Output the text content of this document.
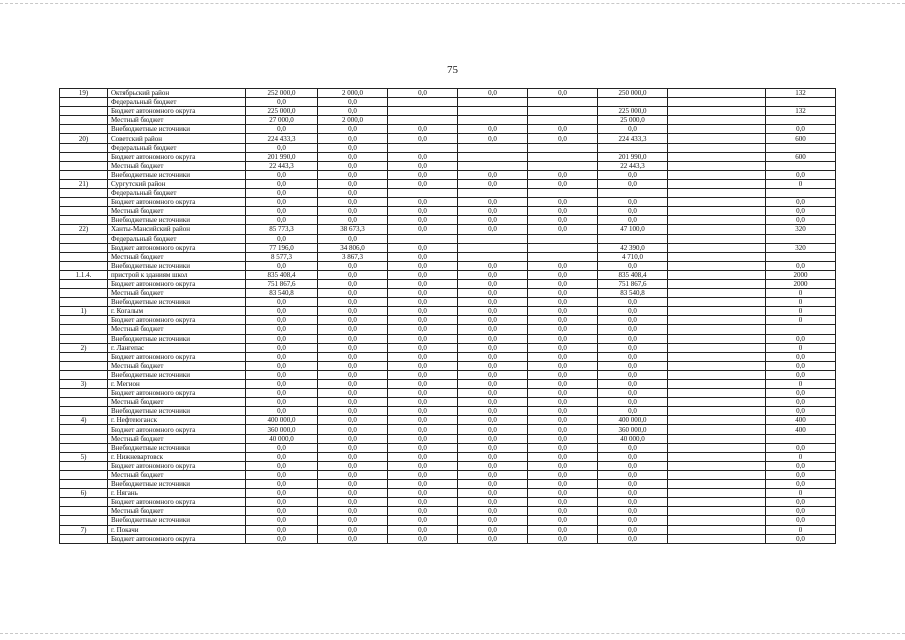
75
19)	Октябрьский район	252 000,0	2 000,0	0,0	0,0	0,0	250 000,0		132
	Федеральный бюджет	0,0	0,0						
	Бюджет автономного округа	225 000,0	0,0				225 000,0		132
	Местный бюджет	27 000,0	2 000,0				25 000,0		
	Внебюджетные источники	0,0	0,0	0,0	0,0	0,0	0,0		0,0
20)	Советский район	224 433,3	0,0	0,0	0,0	0,0	224 433,3		600
	Федеральный бюджет	0,0	0,0						
	Бюджет автономного округа	201 990,0	0,0	0,0			201 990,0		600
	Местный бюджет	22 443,3	0,0	0,0			22 443,3		
	Внебюджетные источники	0,0	0,0	0,0	0,0	0,0	0,0		0,0
21)	Сургутский район	0,0	0,0	0,0	0,0	0,0	0,0		0
	Федеральный бюджет	0,0	0,0						
	Бюджет автономного округа	0,0	0,0	0,0	0,0	0,0	0,0		0,0
	Местный бюджет	0,0	0,0	0,0	0,0	0,0	0,0		0,0
	Внебюджетные источники	0,0	0,0	0,0	0,0	0,0	0,0		0,0
22)	Ханты-Мансийский район	85 773,3	38 673,3	0,0	0,0	0,0	47 100,0		320
	Федеральный бюджет	0,0	0,0						
	Бюджет автономного округа	77 196,0	34 806,0	0,0			42 390,0		320
	Местный бюджет	8 577,3	3 867,3	0,0			4 710,0		
	Внебюджетные источники	0,0	0,0	0,0	0,0	0,0	0,0		0,0
1.1.4.	пристрой к зданиям школ	835 408,4	0,0	0,0	0,0	0,0	835 408,4		2000
	Бюджет автономного округа	751 867,6	0,0	0,0	0,0	0,0	751 867,6		2000
	Местный бюджет	83 540,8	0,0	0,0	0,0	0,0	83 540,8		0
	Внебюджетные источники	0,0	0,0	0,0	0,0	0,0	0,0		0
1)	г. Когалым	0,0	0,0	0,0	0,0	0,0	0,0		0
	Бюджет автономного округа	0,0	0,0	0,0	0,0	0,0	0,0		0
	Местный бюджет	0,0	0,0	0,0	0,0	0,0	0,0		
	Внебюджетные источники	0,0	0,0	0,0	0,0	0,0	0,0		0,0
2)	г. Лангепас	0,0	0,0	0,0	0,0	0,0	0,0		0
	Бюджет автономного округа	0,0	0,0	0,0	0,0	0,0	0,0		0,0
	Местный бюджет	0,0	0,0	0,0	0,0	0,0	0,0		0,0
	Внебюджетные источники	0,0	0,0	0,0	0,0	0,0	0,0		0,0
3)	г. Мегион	0,0	0,0	0,0	0,0	0,0	0,0		0
	Бюджет автономного округа	0,0	0,0	0,0	0,0	0,0	0,0		0,0
	Местный бюджет	0,0	0,0	0,0	0,0	0,0	0,0		0,0
	Внебюджетные источники	0,0	0,0	0,0	0,0	0,0	0,0		0,0
4)	г. Нефтеюганск	400 000,0	0,0	0,0	0,0	0,0	400 000,0		400
	Бюджет автономного округа	360 000,0	0,0	0,0	0,0	0,0	360 000,0		400
	Местный бюджет	40 000,0	0,0	0,0	0,0	0,0	40 000,0		
	Внебюджетные источники	0,0	0,0	0,0	0,0	0,0	0,0		0,0
5)	г. Нижневартовск	0,0	0,0	0,0	0,0	0,0	0,0		0
	Бюджет автономного округа	0,0	0,0	0,0	0,0	0,0	0,0		0,0
	Местный бюджет	0,0	0,0	0,0	0,0	0,0	0,0		0,0
	Внебюджетные источники	0,0	0,0	0,0	0,0	0,0	0,0		0,0
6)	г. Нягань	0,0	0,0	0,0	0,0	0,0	0,0		0
	Бюджет автономного округа	0,0	0,0	0,0	0,0	0,0	0,0		0,0
	Местный бюджет	0,0	0,0	0,0	0,0	0,0	0,0		0,0
	Внебюджетные источники	0,0	0,0	0,0	0,0	0,0	0,0		0,0
7)	г. Покачи	0,0	0,0	0,0	0,0	0,0	0,0		0
	Бюджет автономного округа	0,0	0,0	0,0	0,0	0,0	0,0		0,0
